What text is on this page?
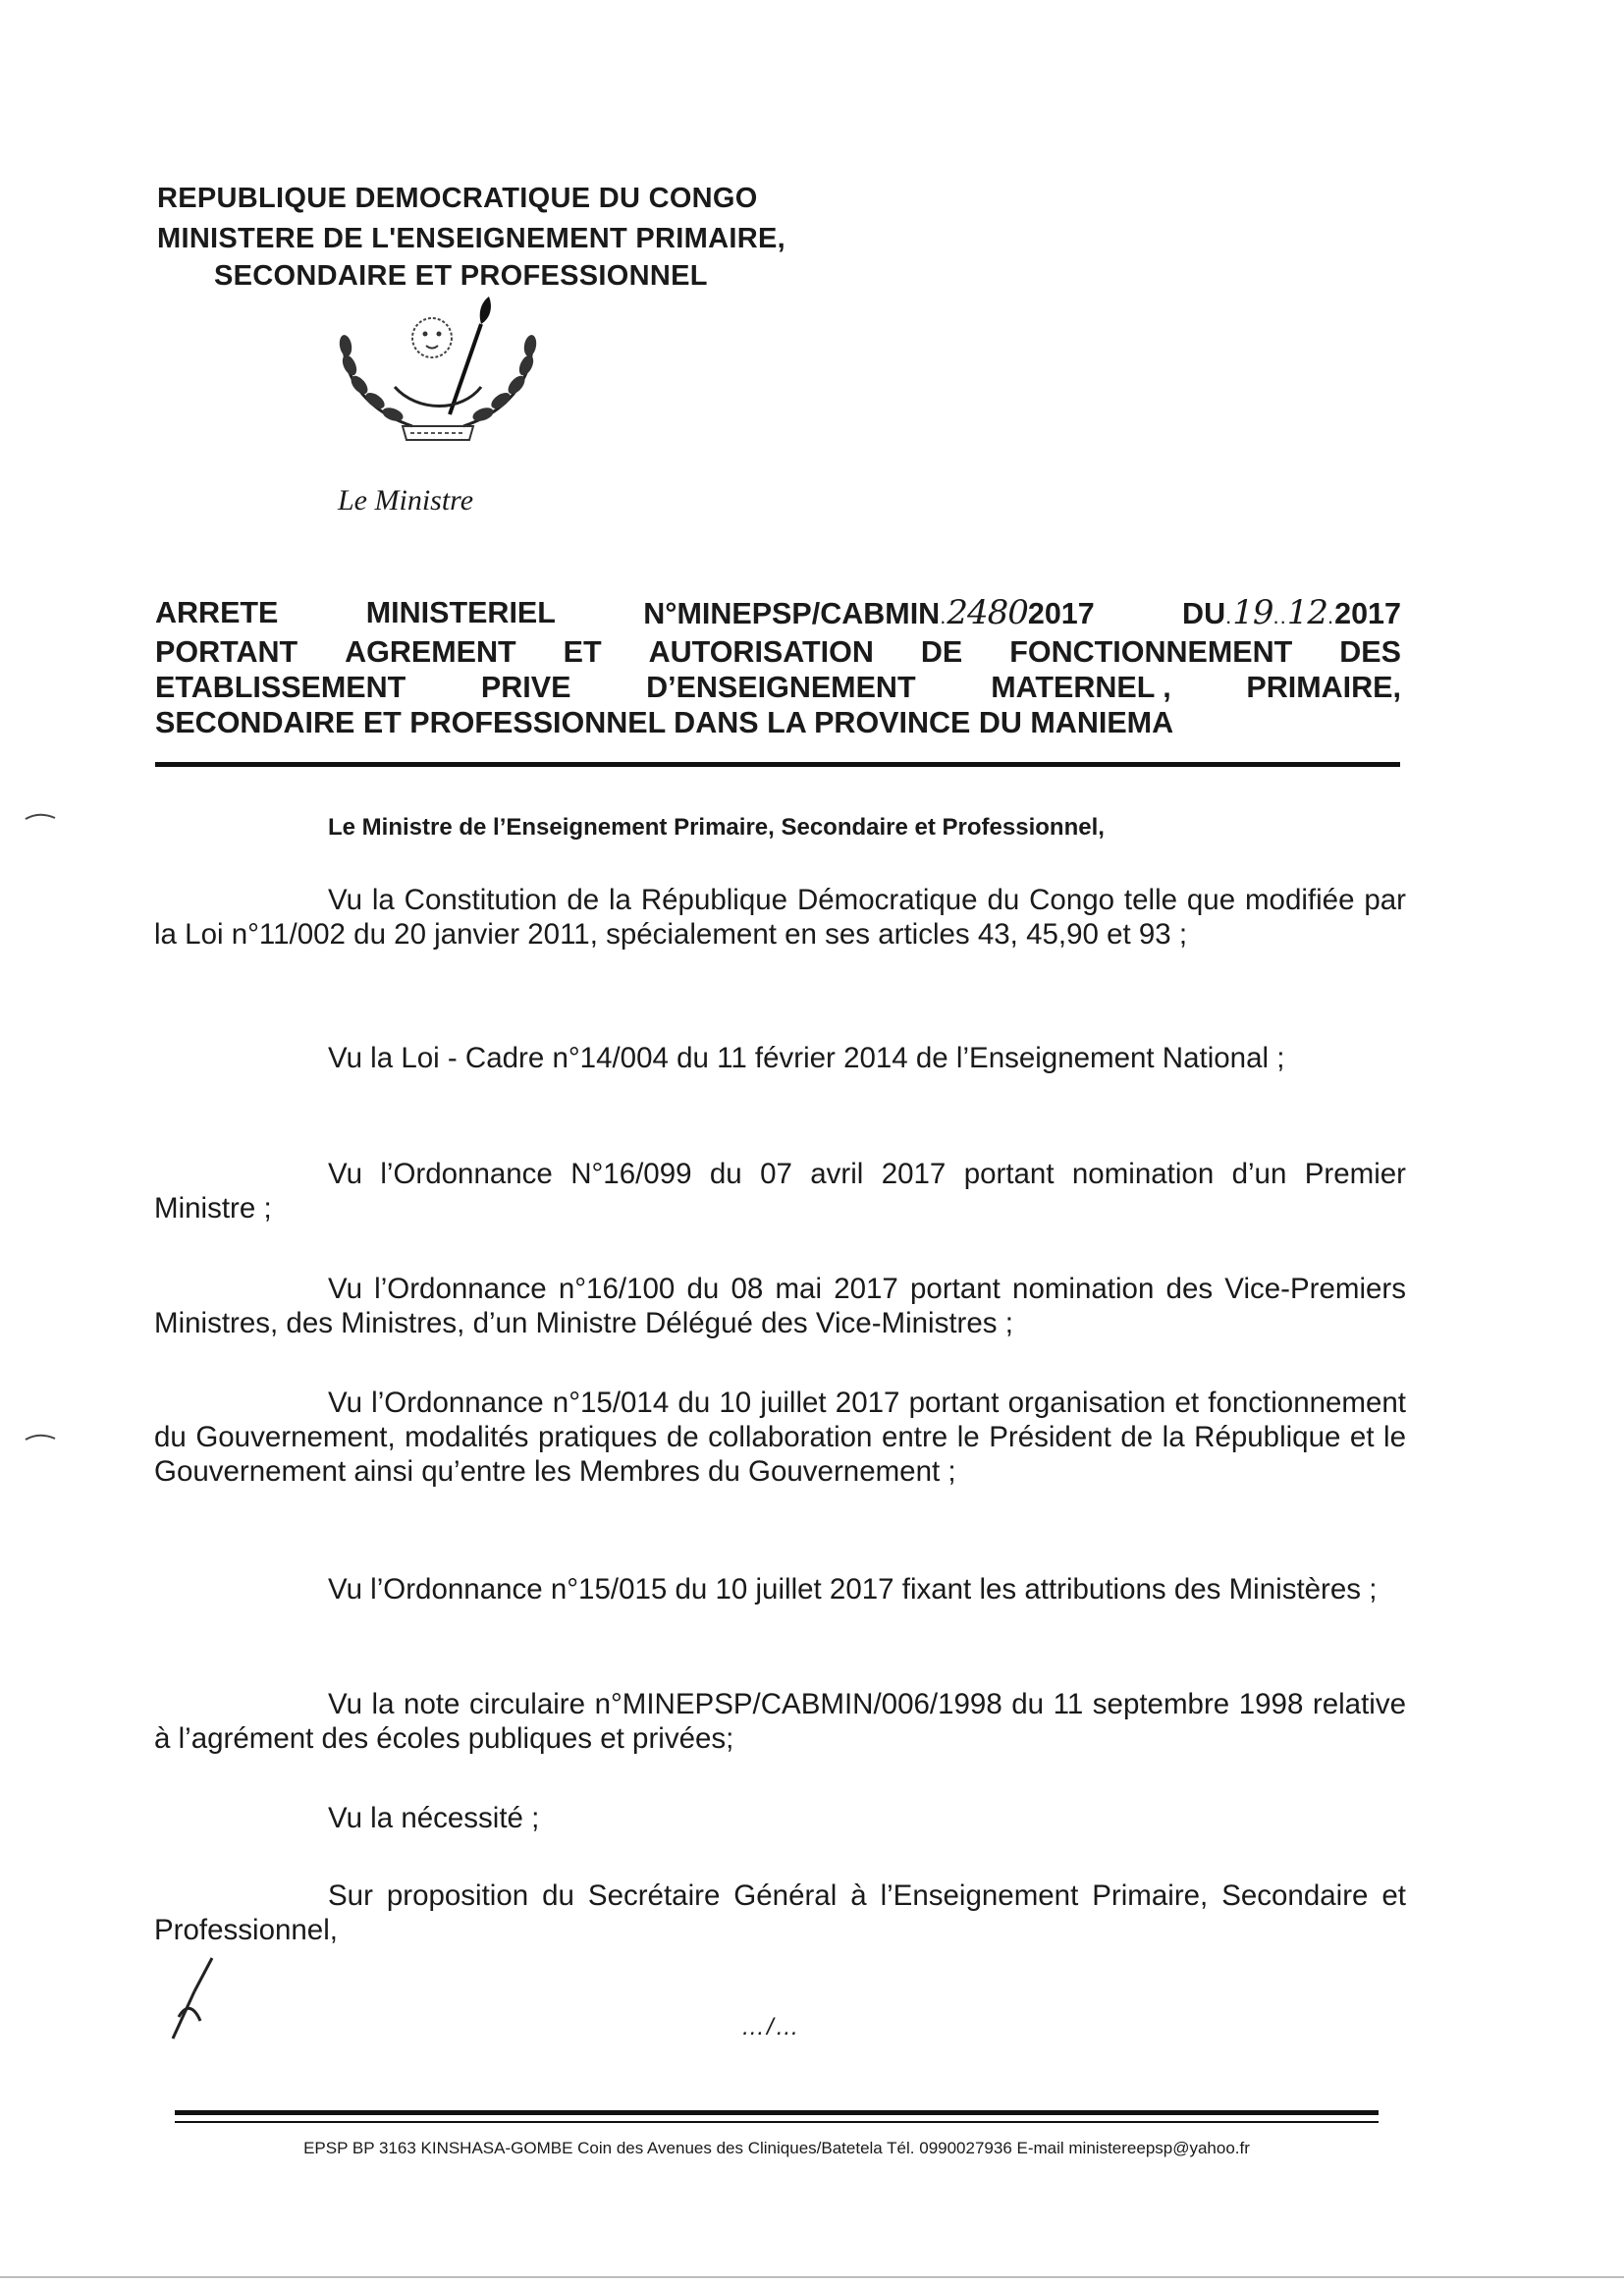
REPUBLIQUE DEMOCRATIQUE DU CONGO
MINISTERE DE L'ENSEIGNEMENT PRIMAIRE,
SECONDAIRE ET PROFESSIONNEL
Le Ministre
ARRETE	MINISTERIEL	N°MINEPSP/CABMIN . 2480 2017	DU . 19 .. 12 . 2017
PORTANT AGREMENT ET AUTORISATION DE FONCTIONNEMENT DES
ETABLISSEMENT	PRIVE	D’ENSEIGNEMENT	MATERNEL ,	PRIMAIRE,
SECONDAIRE ET PROFESSIONNEL DANS LA PROVINCE DU MANIEMA
Le Ministre de l’Enseignement Primaire, Secondaire et Professionnel,

Vu la Constitution de la République Démocratique du Congo telle que modifiée par la Loi n°11/002 du 20 janvier 2011, spécialement en ses articles 43, 45,90 et 93 ;

Vu la Loi - Cadre n°14/004 du 11 février 2014 de l’Enseignement National ;

Vu l’Ordonnance N°16/099 du 07 avril 2017 portant nomination d’un Premier Ministre ;

Vu l’Ordonnance n°16/100 du 08 mai 2017 portant nomination des Vice-Premiers Ministres, des Ministres, d’un Ministre Délégué des Vice-Ministres ;

Vu l’Ordonnance n°15/014 du 10 juillet 2017 portant organisation et fonctionnement du Gouvernement, modalités pratiques de collaboration entre le Président de la République et le Gouvernement ainsi qu’entre les Membres du Gouvernement ;

Vu l’Ordonnance n°15/015 du 10 juillet 2017 fixant les attributions des Ministères ;

Vu la note circulaire n°MINEPSP/CABMIN/006/1998 du 11 septembre 1998 relative à l’agrément des écoles publiques et privées;

Vu la nécessité ;

Sur proposition du Secrétaire Général à l’Enseignement Primaire, Secondaire et Professionnel,

…/…
EPSP BP 3163 KINSHASA-GOMBE Coin des Avenues des Cliniques/Batetela Tél. 0990027936 E-mail ministereepsp@yahoo.fr
